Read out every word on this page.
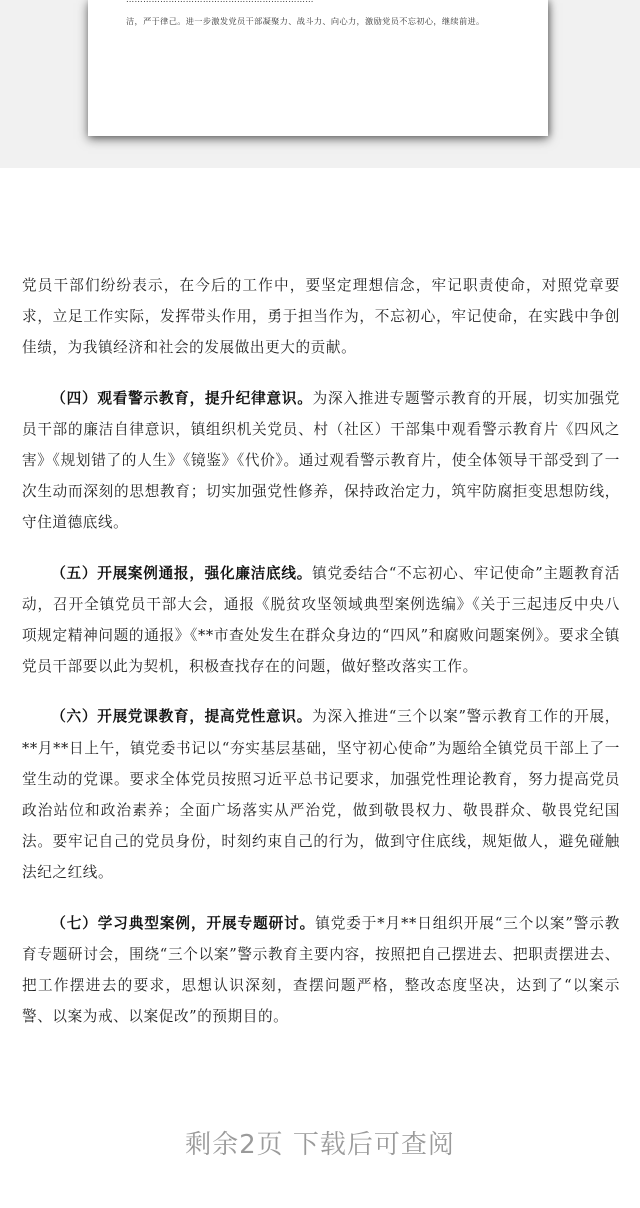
洁，严于律己。进一步激发党员干部凝聚力、战斗力、向心力，激励党员不忘初心，继续前进。

党员干部们纷纷表示，在今后的工作中，要坚定理想信念，牢记职责使命，对照党章要求，立足工作实际，发挥带头作用，勇于担当作为，不忘初心，牢记使命，在实践中争创佳绩，为我镇经济和社会的发展做出更大的贡献。

（四）观看警示教育，提升纪律意识。为深入推进专题警示教育的开展，切实加强党员干部的廉洁自律意识，镇组织机关党员、村（社区）干部集中观看警示教育片《四风之害》《规划错了的人生》《镜鉴》《代价》。通过观看警示教育片，使全体领导干部受到了一次生动而深刻的思想教育；切实加强党性修养，保持政治定力，筑牢防腐拒变思想防线，守住道德底线。

（五）开展案例通报，强化廉洁底线。镇党委结合“不忘初心、牢记使命”主题教育活动，召开全镇党员干部大会，通报《脱贫攻坚领域典型案例选编》《关于三起违反中央八项规定精神问题的通报》《**市查处发生在群众身边的“四风”和腐败问题案例》。要求全镇党员干部要以此为契机，积极查找存在的问题，做好整改落实工作。

（六）开展党课教育，提高党性意识。为深入推进“三个以案”警示教育工作的开展，**月**日上午，镇党委书记以“夯实基层基础，坚守初心使命”为题给全镇党员干部上了一堂生动的党课。要求全体党员按照习近平总书记要求，加强党性理论教育，努力提高党员政治站位和政治素养；全面广场落实从严治党，做到敬畏权力、敬畏群众、敬畏党纪国法。要牢记自己的党员身份，时刻约束自己的行为，做到守住底线，规矩做人，避免碰触法纪之红线。

（七）学习典型案例，开展专题研讨。镇党委于*月**日组织开展“三个以案”警示教育专题研讨会，围绕“三个以案”警示教育主要内容，按照把自己摆进去、把职责摆进去、把工作摆进去的要求，思想认识深刻，查摆问题严格，整改态度坚决，达到了“以案示警、以案为戒、以案促改”的预期目的。

剩余2页 下载后可查阅
